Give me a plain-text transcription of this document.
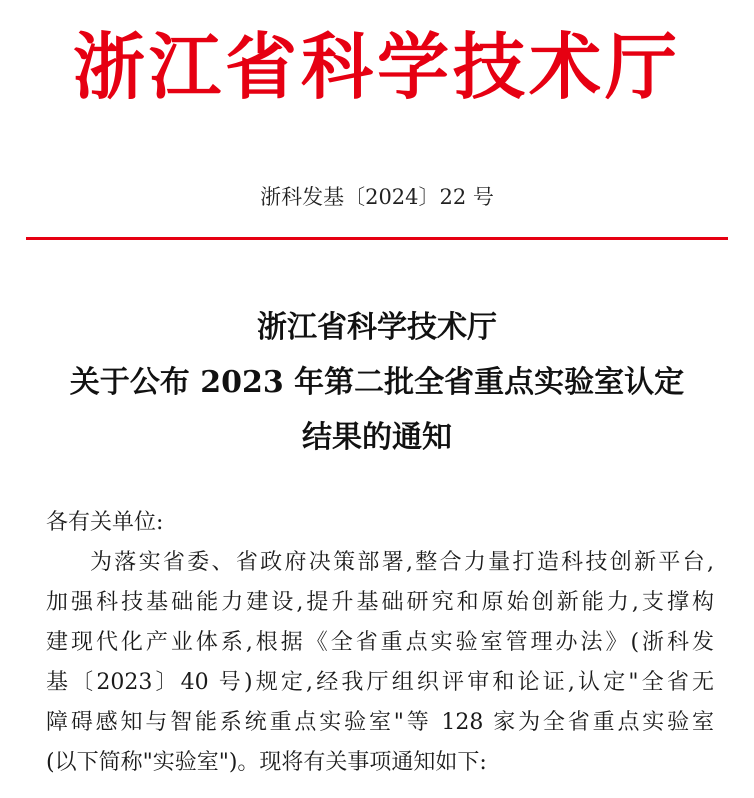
浙江省科学技术厅
浙科发基〔2024〕22 号
浙江省科学技术厅
关于公布 2023 年第二批全省重点实验室认定
结果的通知
各有关单位:
为落实省委、省政府决策部署,整合力量打造科技创新平台,
加强科技基础能力建设,提升基础研究和原始创新能力,支撑构
建现代化产业体系,根据《全省重点实验室管理办法》(浙科发
基〔2023〕40 号)规定,经我厅组织评审和论证,认定"全省无
障碍感知与智能系统重点实验室"等 128 家为全省重点实验室
(以下简称"实验室")。现将有关事项通知如下:
